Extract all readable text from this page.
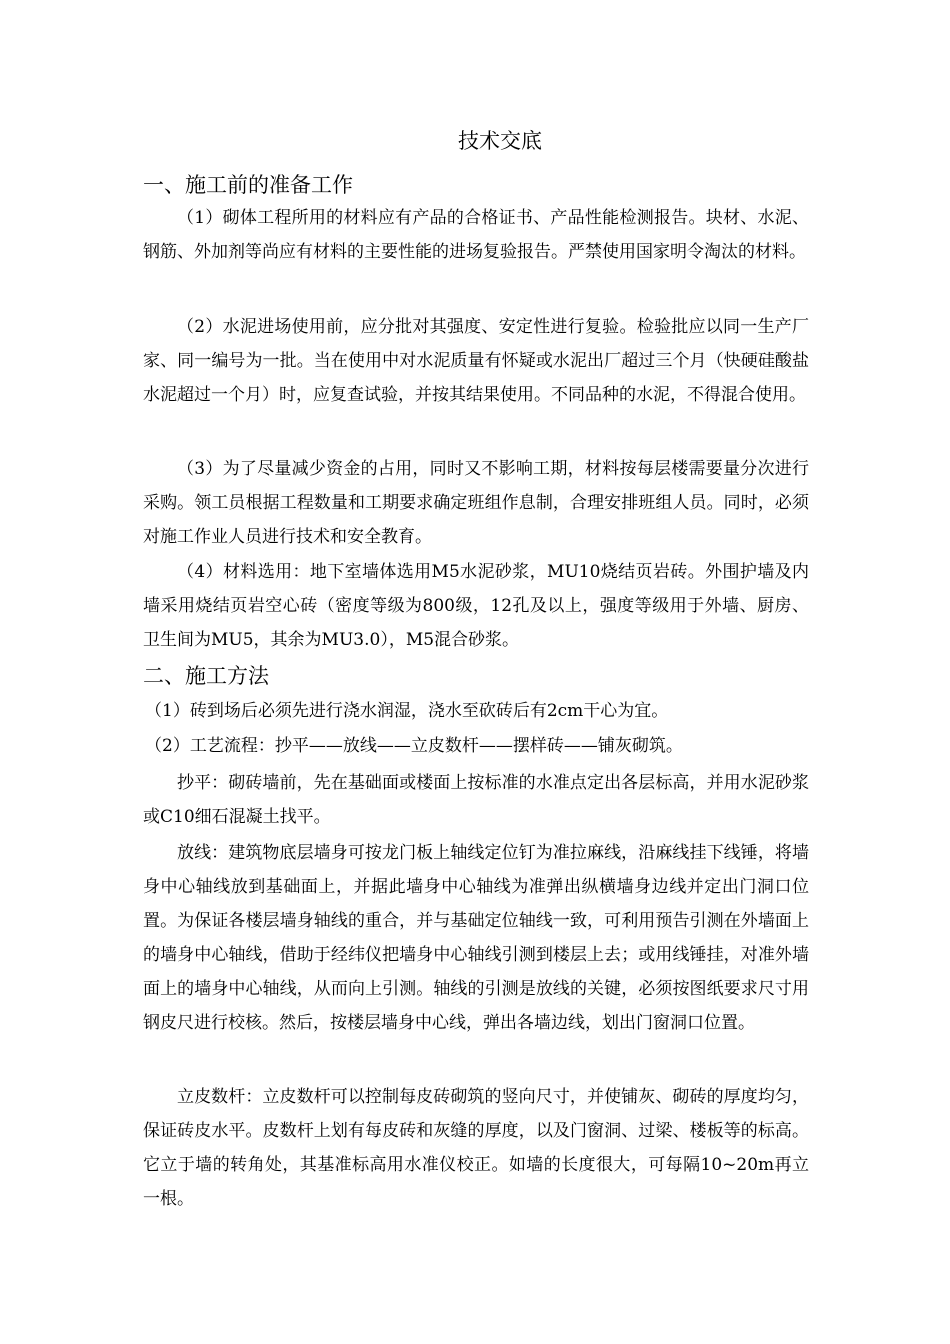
技术交底
一、施工前的准备工作

（1）砌体工程所用的材料应有产品的合格证书、产品性能检测报告。块材、水泥、钢筋、外加剂等尚应有材料的主要性能的进场复验报告。严禁使用国家明令淘汰的材料。

（2）水泥进场使用前，应分批对其强度、安定性进行复验。检验批应以同一生产厂家、同一编号为一批。当在使用中对水泥质量有怀疑或水泥出厂超过三个月（快硬硅酸盐水泥超过一个月）时，应复查试验，并按其结果使用。不同品种的水泥，不得混合使用。

（3）为了尽量减少资金的占用，同时又不影响工期，材料按每层楼需要量分次进行采购。领工员根据工程数量和工期要求确定班组作息制，合理安排班组人员。同时，必须对施工作业人员进行技术和安全教育。

（4）材料选用：地下室墙体选用M5水泥砂浆，MU10烧结页岩砖。外围护墙及内墙采用烧结页岩空心砖（密度等级为800级，12孔及以上，强度等级用于外墙、厨房、卫生间为MU5，其余为MU3.0），M5混合砂浆。

二、施工方法

（1）砖到场后必须先进行浇水润湿，浇水至砍砖后有2cm干心为宜。

（2）工艺流程：抄平——放线——立皮数杆——摆样砖——铺灰砌筑。

抄平：砌砖墙前，先在基础面或楼面上按标准的水准点定出各层标高，并用水泥砂浆或C10细石混凝土找平。

放线：建筑物底层墙身可按龙门板上轴线定位钉为准拉麻线，沿麻线挂下线锤，将墙身中心轴线放到基础面上，并据此墙身中心轴线为准弹出纵横墙身边线并定出门洞口位置。为保证各楼层墙身轴线的重合，并与基础定位轴线一致，可利用预告引测在外墙面上的墙身中心轴线，借助于经纬仪把墙身中心轴线引测到楼层上去；或用线锤挂，对准外墙面上的墙身中心轴线，从而向上引测。轴线的引测是放线的关键，必须按图纸要求尺寸用钢皮尺进行校核。然后，按楼层墙身中心线，弹出各墙边线，划出门窗洞口位置。

立皮数杆：立皮数杆可以控制每皮砖砌筑的竖向尺寸，并使铺灰、砌砖的厚度均匀，保证砖皮水平。皮数杆上划有每皮砖和灰缝的厚度，以及门窗洞、过梁、楼板等的标高。它立于墙的转角处，其基准标高用水准仪校正。如墙的长度很大，可每隔10~20m再立一根。
